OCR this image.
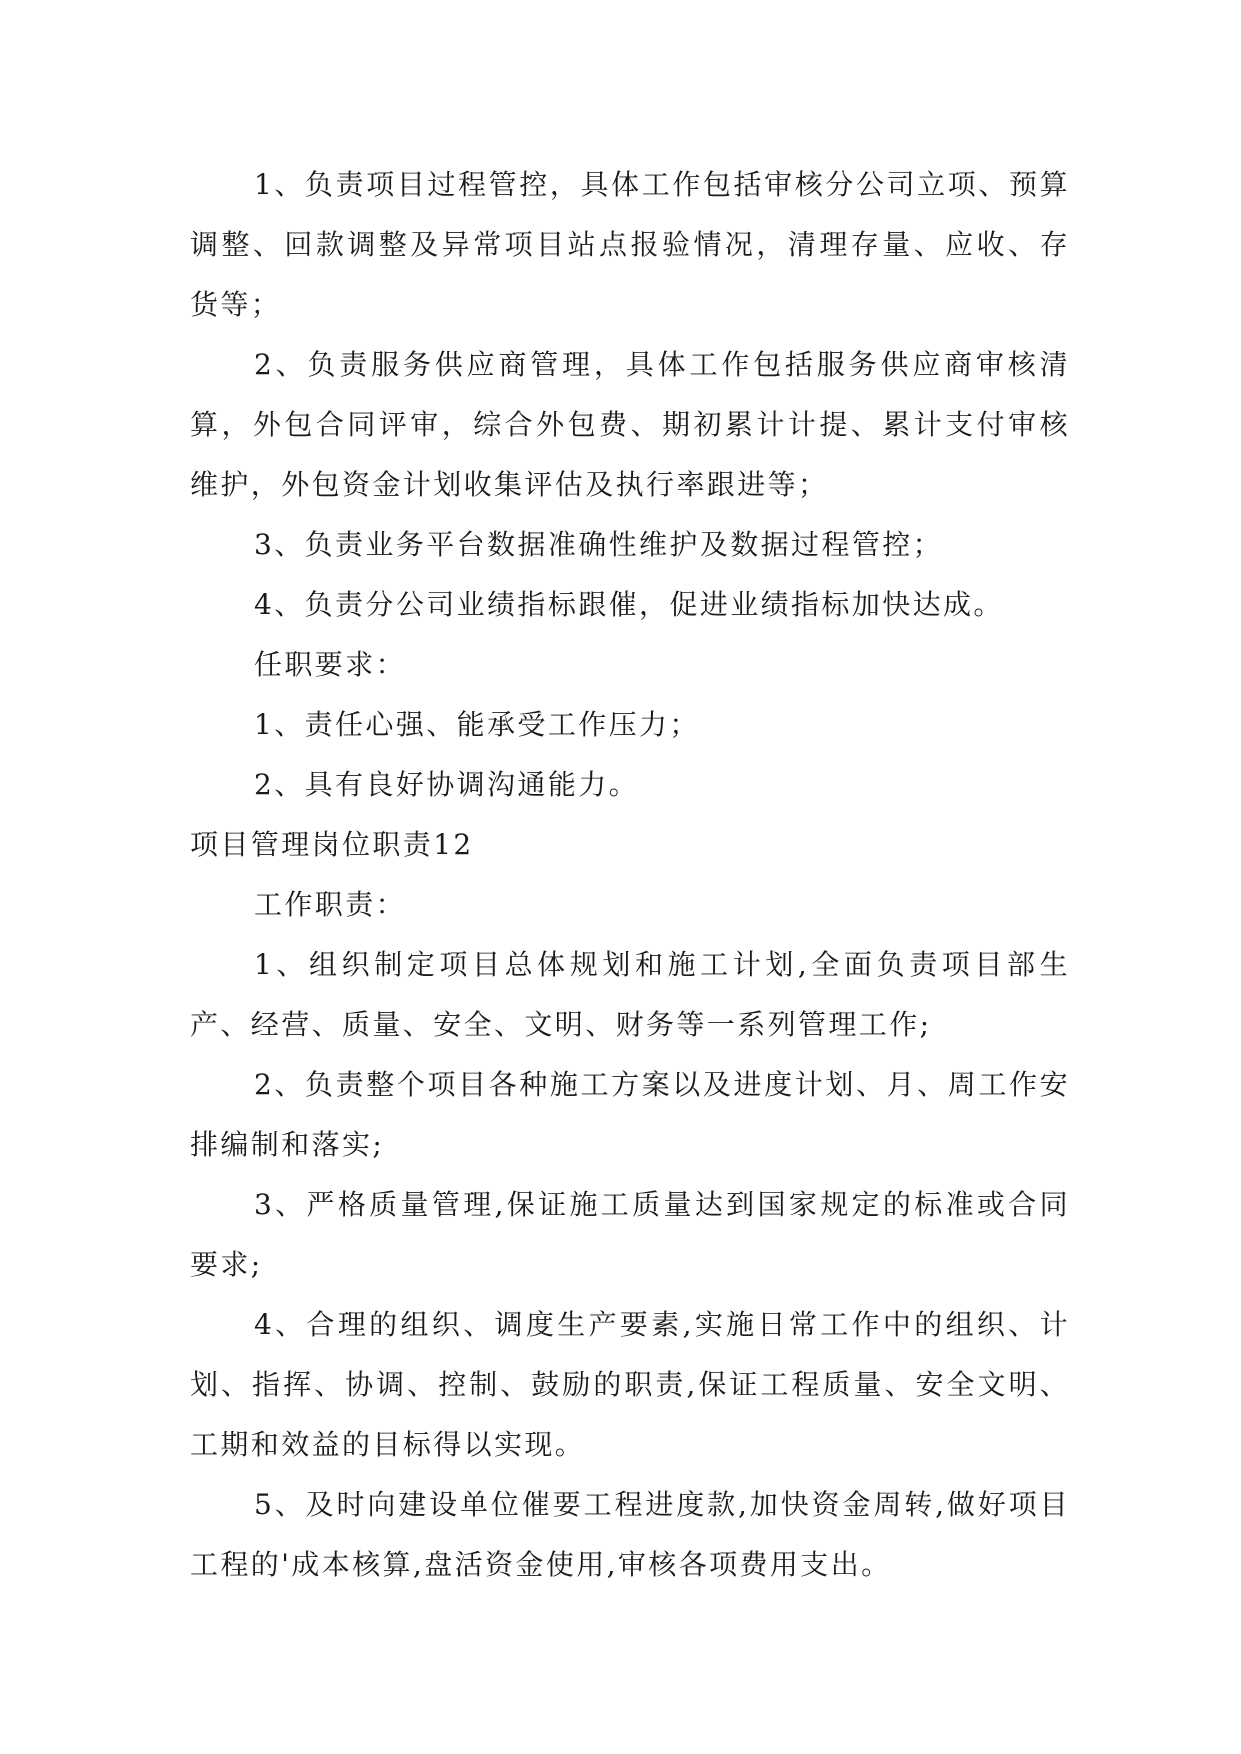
1、负责项目过程管控，具体工作包括审核分公司立项、预算调整、回款调整及异常项目站点报验情况，清理存量、应收、存货等；

2、负责服务供应商管理，具体工作包括服务供应商审核清算，外包合同评审，综合外包费、期初累计计提、累计支付审核维护，外包资金计划收集评估及执行率跟进等；

3、负责业务平台数据准确性维护及数据过程管控；

4、负责分公司业绩指标跟催，促进业绩指标加快达成。

任职要求：

1、责任心强、能承受工作压力；

2、具有良好协调沟通能力。

项目管理岗位职责12

工作职责：

1、组织制定项目总体规划和施工计划,全面负责项目部生产、经营、质量、安全、文明、财务等一系列管理工作;

2、负责整个项目各种施工方案以及进度计划、月、周工作安排编制和落实;

3、严格质量管理,保证施工质量达到国家规定的标准或合同要求;

4、合理的组织、调度生产要素,实施日常工作中的组织、计划、指挥、协调、控制、鼓励的职责,保证工程质量、安全文明、工期和效益的目标得以实现。

5、及时向建设单位催要工程进度款,加快资金周转,做好项目工程的'成本核算,盘活资金使用,审核各项费用支出。
